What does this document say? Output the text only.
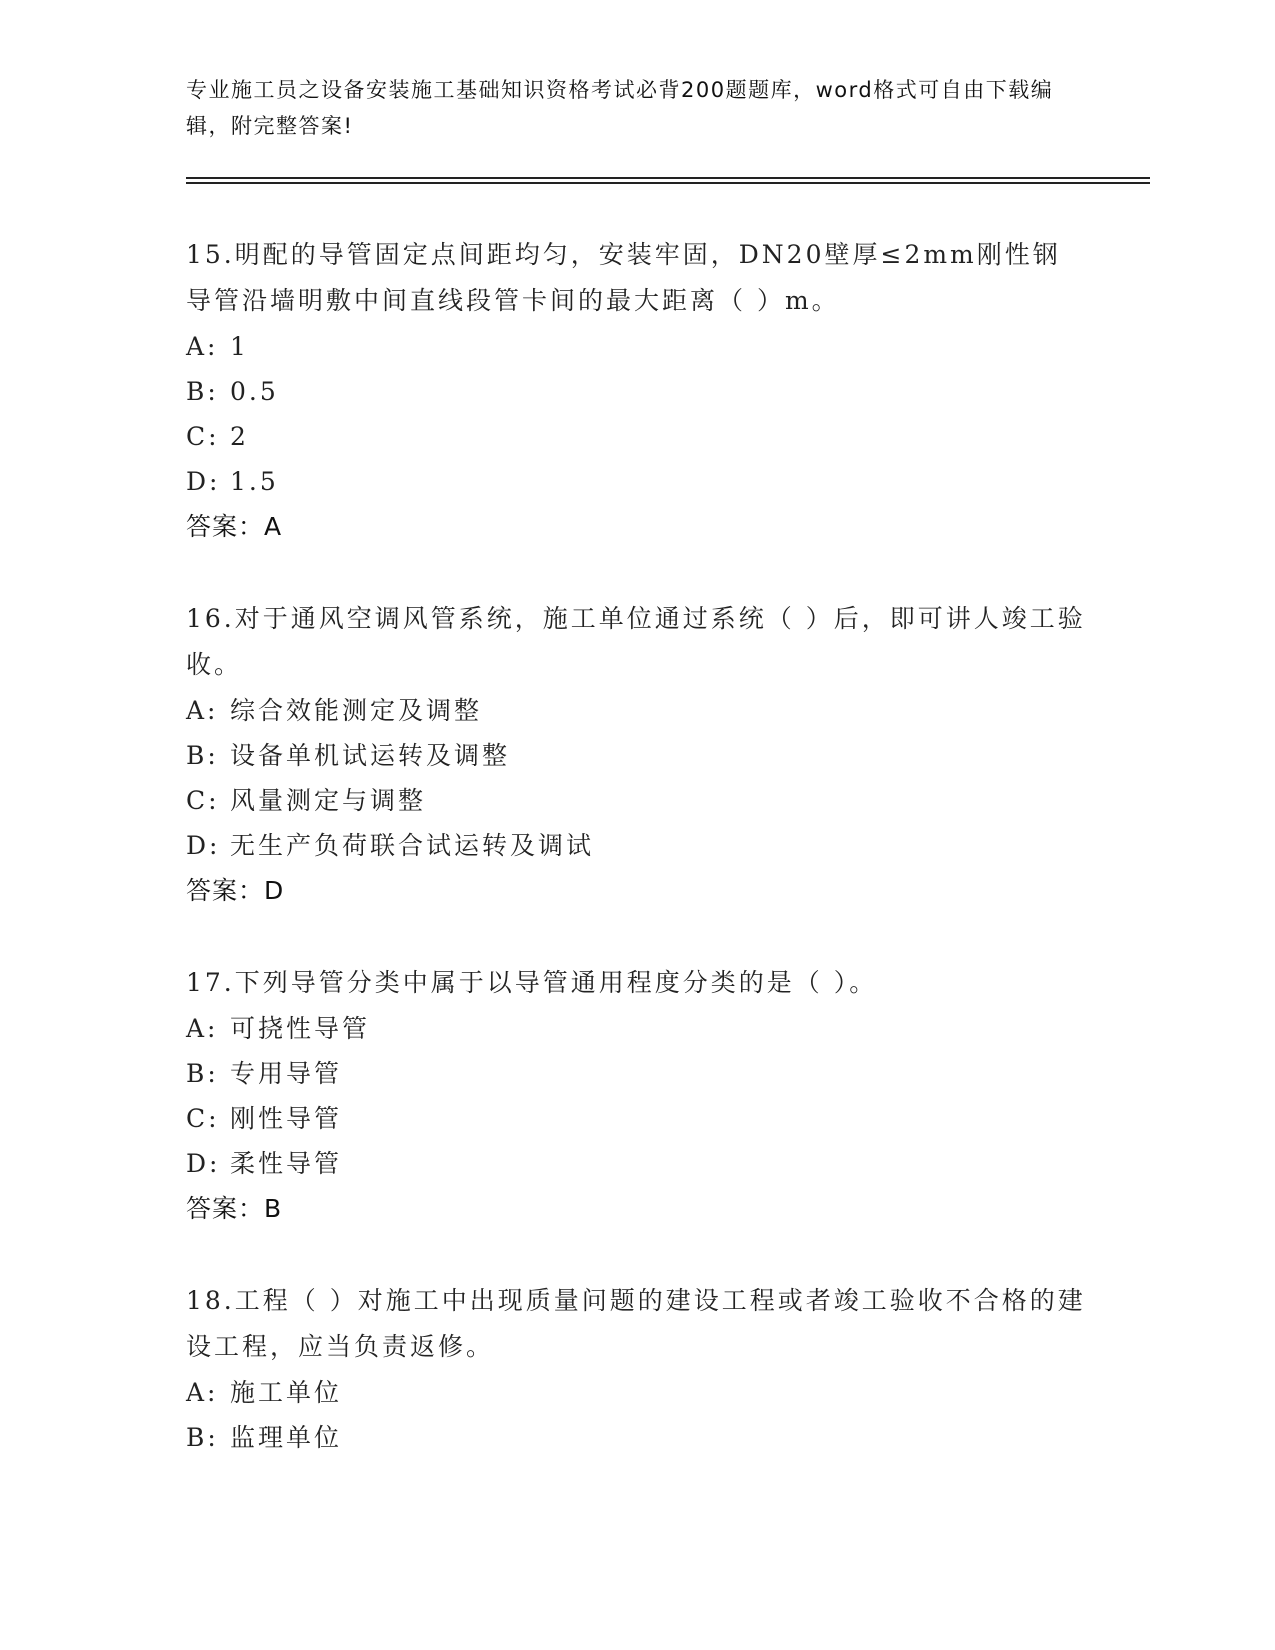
专业施工员之设备安装施工基础知识资格考试必背200题题库，word格式可自由下载编辑，附完整答案!

15.明配的导管固定点间距均匀，安装牢固，DN20壁厚≤2mm刚性钢导管沿墙明敷中间直线段管卡间的最大距离（ ）m。

A: 1

B: 0.5

C: 2

D: 1.5

答案：A

16.对于通风空调风管系统，施工单位通过系统（ ）后，即可讲人竣工验收。

A: 综合效能测定及调整

B: 设备单机试运转及调整

C: 风量测定与调整

D: 无生产负荷联合试运转及调试

答案：D

17.下列导管分类中属于以导管通用程度分类的是（ ）。

A: 可挠性导管

B: 专用导管

C: 刚性导管

D: 柔性导管

答案：B

18.工程（ ）对施工中出现质量问题的建设工程或者竣工验收不合格的建设工程，应当负责返修。

A: 施工单位

B: 监理单位
